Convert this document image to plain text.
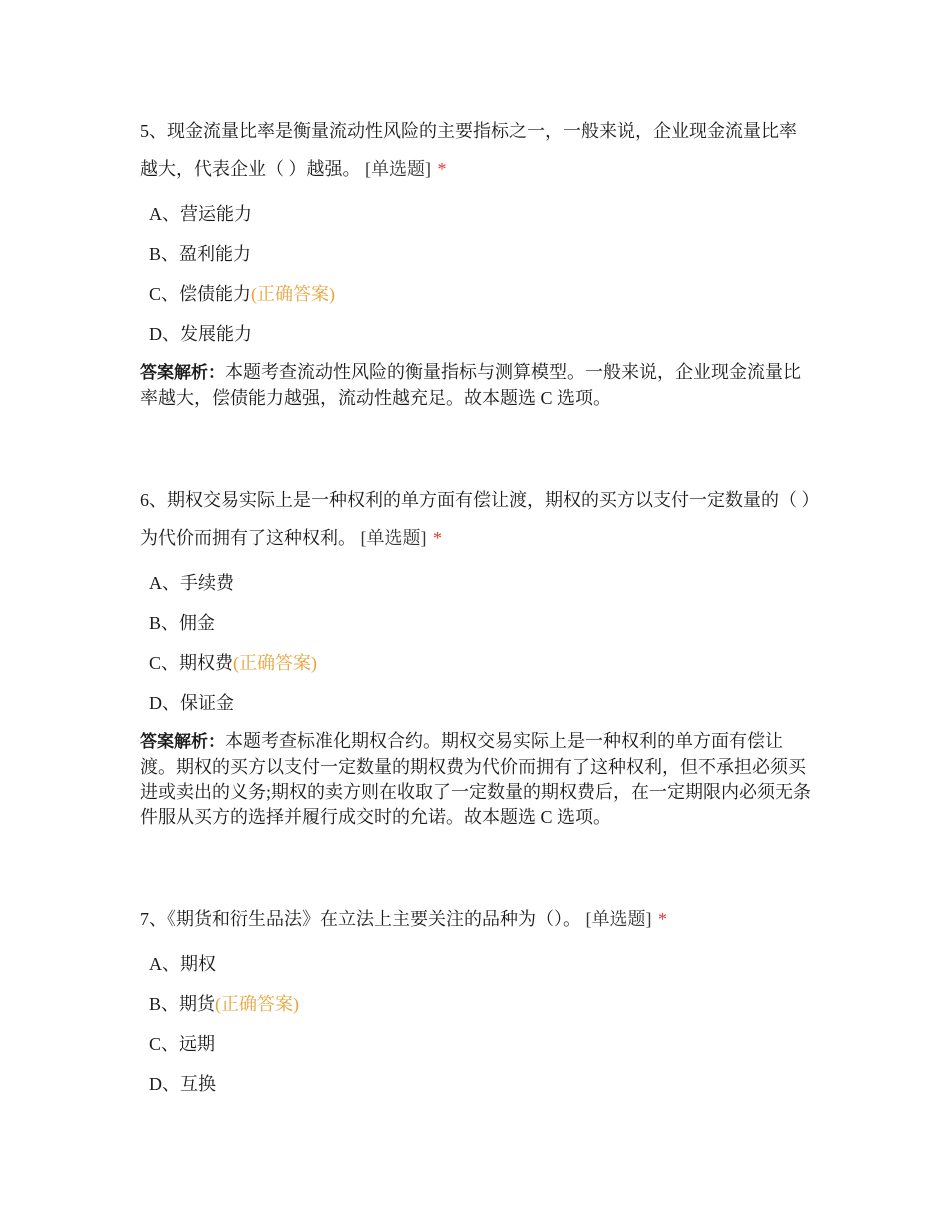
5、现金流量比率是衡量流动性风险的主要指标之一，一般来说，企业现金流量比率越大，代表企业（ ）越强。 [单选题] *

A、营运能力
B、盈利能力
C、偿债能力(正确答案)
D、发展能力
答案解析：本题考查流动性风险的衡量指标与测算模型。一般来说，企业现金流量比率越大，偿债能力越强，流动性越充足。故本题选 C 选项。

6、期权交易实际上是一种权利的单方面有偿让渡，期权的买方以支付一定数量的（ ）为代价而拥有了这种权利。 [单选题] *

A、手续费
B、佣金
C、期权费(正确答案)
D、保证金
答案解析：本题考查标准化期权合约。期权交易实际上是一种权利的单方面有偿让渡。期权的买方以支付一定数量的期权费为代价而拥有了这种权利，但不承担必须买进或卖出的义务;期权的卖方则在收取了一定数量的期权费后，在一定期限内必须无条件服从买方的选择并履行成交时的允诺。故本题选 C 选项。

7、《期货和衍生品法》在立法上主要关注的品种为（）。 [单选题] *

A、期权
B、期货(正确答案)
C、远期
D、互换
